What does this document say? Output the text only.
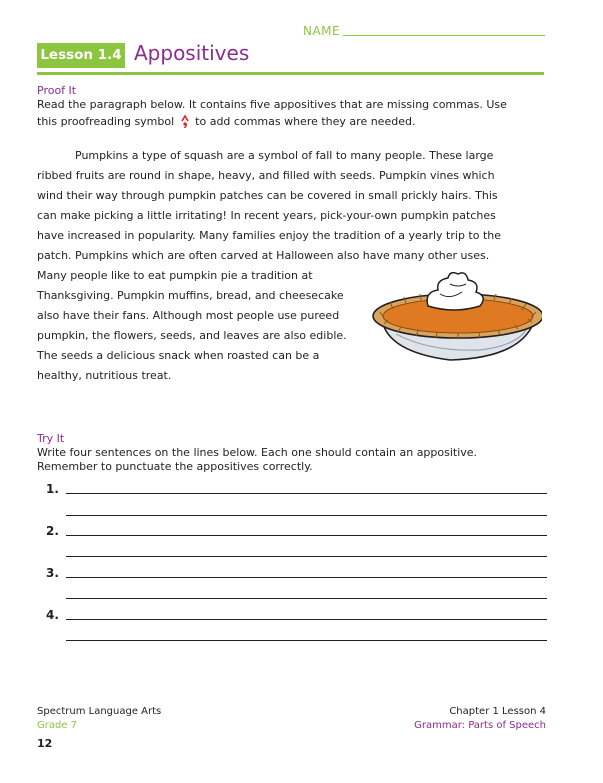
NAME
Lesson 1.4 Appositives
Proof It
Read the paragraph below. It contains five appositives that are missing commas. Use
this proofreading symbol to add commas where they are needed.
Pumpkins a type of squash are a symbol of fall to many people. These large
ribbed fruits are round in shape, heavy, and filled with seeds. Pumpkin vines which
wind their way through pumpkin patches can be covered in small prickly hairs. This
can make picking a little irritating! In recent years, pick-your-own pumpkin patches
have increased in popularity. Many families enjoy the tradition of a yearly trip to the
patch. Pumpkins which are often carved at Halloween also have many other uses.
Many people like to eat pumpkin pie a tradition at
Thanksgiving. Pumpkin muffins, bread, and cheesecake
also have their fans. Although most people use pureed
pumpkin, the flowers, seeds, and leaves are also edible.
The seeds a delicious snack when roasted can be a
healthy, nutritious treat.
Try It
Write four sentences on the lines below. Each one should contain an appositive.
Remember to punctuate the appositives correctly.
1.
2.
3.
4.
Spectrum Language Arts
Grade 7
12
Chapter 1 Lesson 4
Grammar: Parts of Speech
